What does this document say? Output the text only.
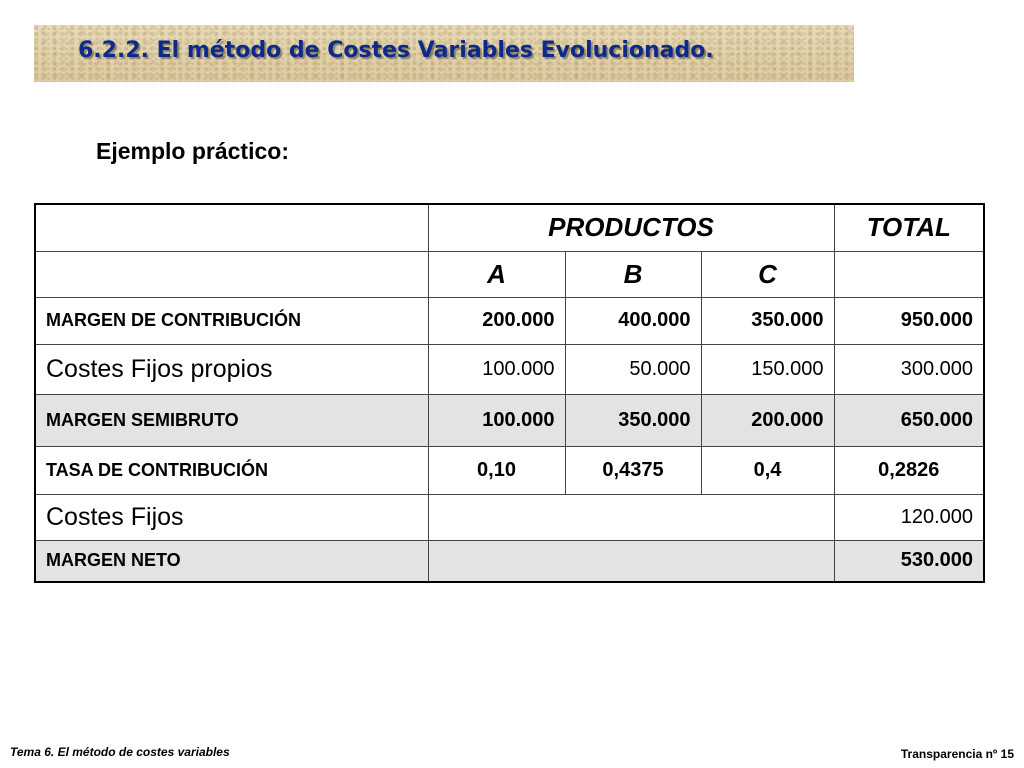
6.2.2. El método de Costes Variables Evolucionado.
Ejemplo práctico:
	PRODUCTOS			TOTAL
	A	B	C	
MARGEN DE CONTRIBUCIÓN	200.000	400.000	350.000	950.000
Costes Fijos propios	100.000	50.000	150.000	300.000
MARGEN SEMIBRUTO	100.000	350.000	200.000	650.000
TASA DE CONTRIBUCIÓN	0,10	0,4375	0,4	0,2826
Costes Fijos				120.000
MARGEN NETO				530.000
Tema 6. El método de costes variables	Transparencia nº 15
